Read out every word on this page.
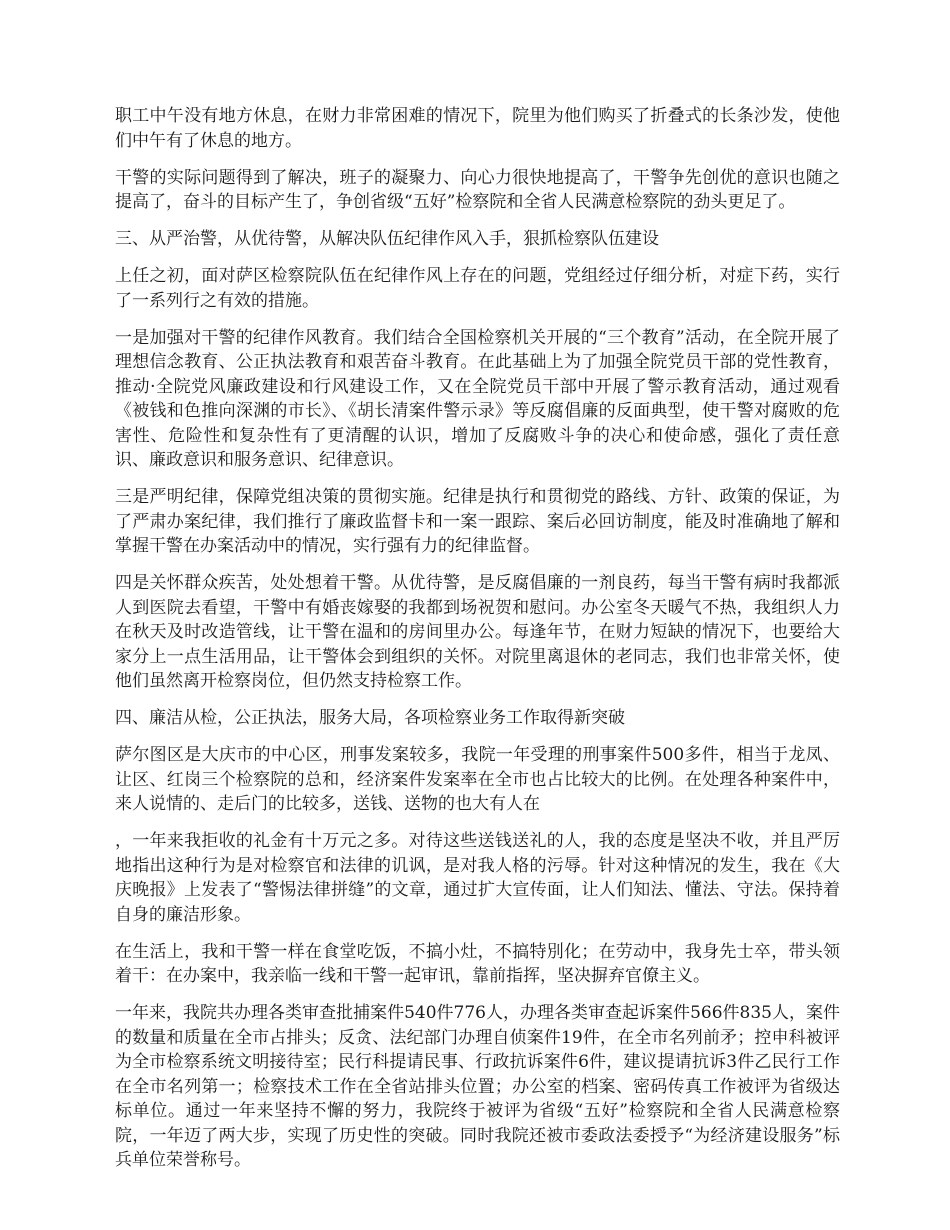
职工中午没有地方休息，在财力非常困难的情况下，院里为他们购买了折叠式的长条沙发，使他们中午有了休息的地方。

干警的实际问题得到了解决，班子的凝聚力、向心力很快地提高了，干警争先创优的意识也随之提高了，奋斗的目标产生了，争创省级“五好”检察院和全省人民满意检察院的劲头更足了。

三、从严治警，从优待警，从解决队伍纪律作风入手，狠抓检察队伍建设

上任之初，面对萨区检察院队伍在纪律作风上存在的问题，党组经过仔细分析，对症下药，实行了一系列行之有效的措施。

一是加强对干警的纪律作风教育。我们结合全国检察机关开展的“三个教育”活动，在全院开展了理想信念教育、公正执法教育和艰苦奋斗教育。在此基础上为了加强全院党员干部的党性教育，推动·全院党风廉政建设和行风建设工作，又在全院党员干部中开展了警示教育活动，通过观看《被钱和色推向深渊的市长》、《胡长清案件警示录》等反腐倡廉的反面典型，使干警对腐败的危害性、危险性和复杂性有了更清醒的认识，增加了反腐败斗争的决心和使命感，强化了责任意识、廉政意识和服务意识、纪律意识。

三是严明纪律，保障党组决策的贯彻实施。纪律是执行和贯彻党的路线、方针、政策的保证，为了严肃办案纪律，我们推行了廉政监督卡和一案一跟踪、案后必回访制度，能及时准确地了解和掌握干警在办案活动中的情况，实行强有力的纪律监督。

四是关怀群众疾苦，处处想着干警。从优待警，是反腐倡廉的一剂良药，每当干警有病时我都派人到医院去看望，干警中有婚丧嫁娶的我都到场祝贺和慰问。办公室冬天暖气不热，我组织人力在秋天及时改造管线，让干警在温和的房间里办公。每逢年节，在财力短缺的情况下，也要给大家分上一点生活用品，让干警体会到组织的关怀。对院里离退休的老同志，我们也非常关怀，使他们虽然离开检察岗位，但仍然支持检察工作。

四、廉洁从检，公正执法，服务大局，各项检察业务工作取得新突破

萨尔图区是大庆市的中心区，刑事发案较多，我院一年受理的刑事案件500多件，相当于龙凤、让区、红岗三个检察院的总和，经济案件发案率在全市也占比较大的比例。在处理各种案件中，来人说情的、走后门的比较多，送钱、送物的也大有人在

，一年来我拒收的礼金有十万元之多。对待这些送钱送礼的人，我的态度是坚决不收，并且严厉地指出这种行为是对检察官和法律的讥讽，是对我人格的污辱。针对这种情况的发生，我在《大庆晚报》上发表了“警惕法律拼缝”的文章，通过扩大宣传面，让人们知法、懂法、守法。保持着自身的廉洁形象。

在生活上，我和干警一样在食堂吃饭，不搞小灶，不搞特別化；在劳动中，我身先士卒，带头领着干：在办案中，我亲临一线和干警一起审讯，靠前指挥，坚决摒弃官僚主义。

一年来，我院共办理各类审查批捕案件540件776人，办理各类审查起诉案件566件835人，案件的数量和质量在全市占排头；反贪、法纪部门办理自侦案件19件，在全市名列前矛；控申科被评为全市检察系统文明接待室；民行科提请民事、行政抗诉案件6件，建议提请抗诉3件乙民行工作在全市名列第一；检察技术工作在全省站排头位置；办公室的档案、密码传真工作被评为省级达标单位。通过一年来坚持不懈的努力，我院终于被评为省级“五好”检察院和全省人民满意检察院，一年迈了两大步，实现了历史性的突破。同时我院还被市委政法委授予“为经济建设服务”标兵单位荣誉称号。
